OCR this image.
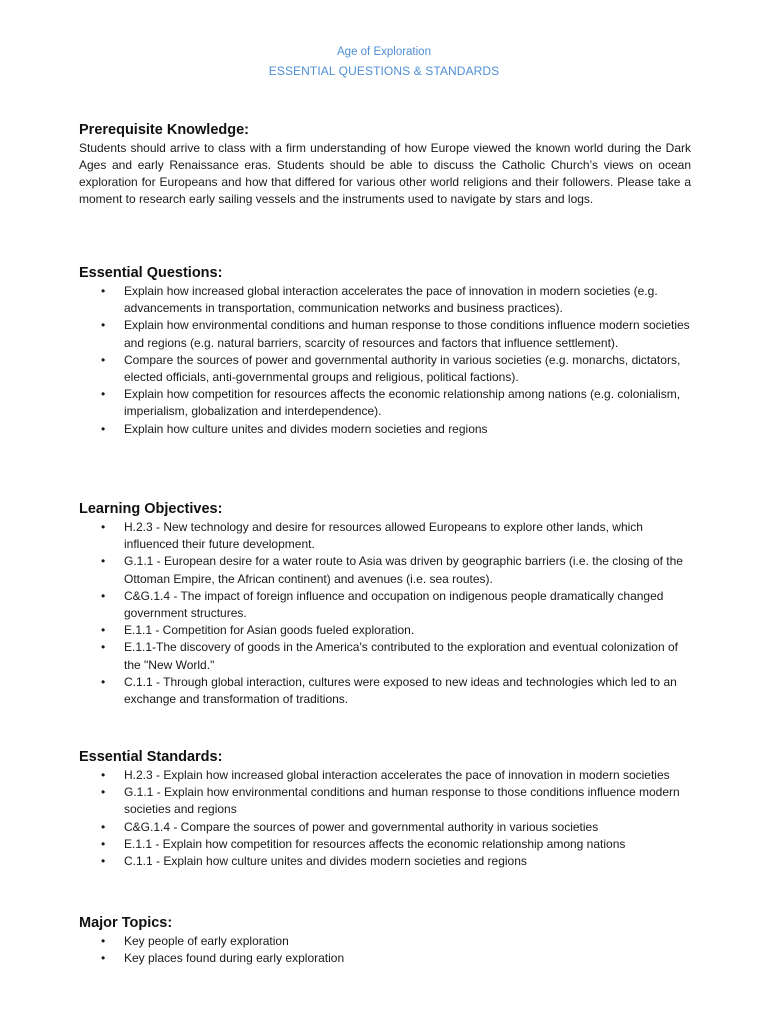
Age of Exploration
ESSENTIAL QUESTIONS & STANDARDS
Prerequisite Knowledge:

Students should arrive to class with a firm understanding of how Europe viewed the known world during the Dark Ages and early Renaissance eras. Students should be able to discuss the Catholic Church’s views on ocean exploration for Europeans and how that differed for various other world religions and their followers. Please take a moment to research early sailing vessels and the instruments used to navigate by stars and logs.

Essential Questions:
• Explain how increased global interaction accelerates the pace of innovation in modern societies (e.g. advancements in transportation, communication networks and business practices).
• Explain how environmental conditions and human response to those conditions influence modern societies and regions (e.g. natural barriers, scarcity of resources and factors that influence settlement).
• Compare the sources of power and governmental authority in various societies (e.g. monarchs, dictators, elected officials, anti-governmental groups and religious, political factions).
• Explain how competition for resources affects the economic relationship among nations (e.g. colonialism, imperialism, globalization and interdependence).
• Explain how culture unites and divides modern societies and regions
Learning Objectives:
• H.2.3 - New technology and desire for resources allowed Europeans to explore other lands, which influenced their future development.
• G.1.1 - European desire for a water route to Asia was driven by geographic barriers (i.e. the closing of the Ottoman Empire, the African continent) and avenues (i.e. sea routes).
• C&G.1.4 - The impact of foreign influence and occupation on indigenous people dramatically changed government structures.
• E.1.1 - Competition for Asian goods fueled exploration.
• E.1.1-The discovery of goods in the America's contributed to the exploration and eventual colonization of the "New World."
• C.1.1 - Through global interaction, cultures were exposed to new ideas and technologies which led to an exchange and transformation of traditions.
Essential Standards:
• H.2.3 - Explain how increased global interaction accelerates the pace of innovation in modern societies
• G.1.1 - Explain how environmental conditions and human response to those conditions influence modern societies and regions
• C&G.1.4 - Compare the sources of power and governmental authority in various societies
• E.1.1 - Explain how competition for resources affects the economic relationship among nations
• C.1.1 - Explain how culture unites and divides modern societies and regions
Major Topics:
• Key people of early exploration
• Key places found during early exploration
